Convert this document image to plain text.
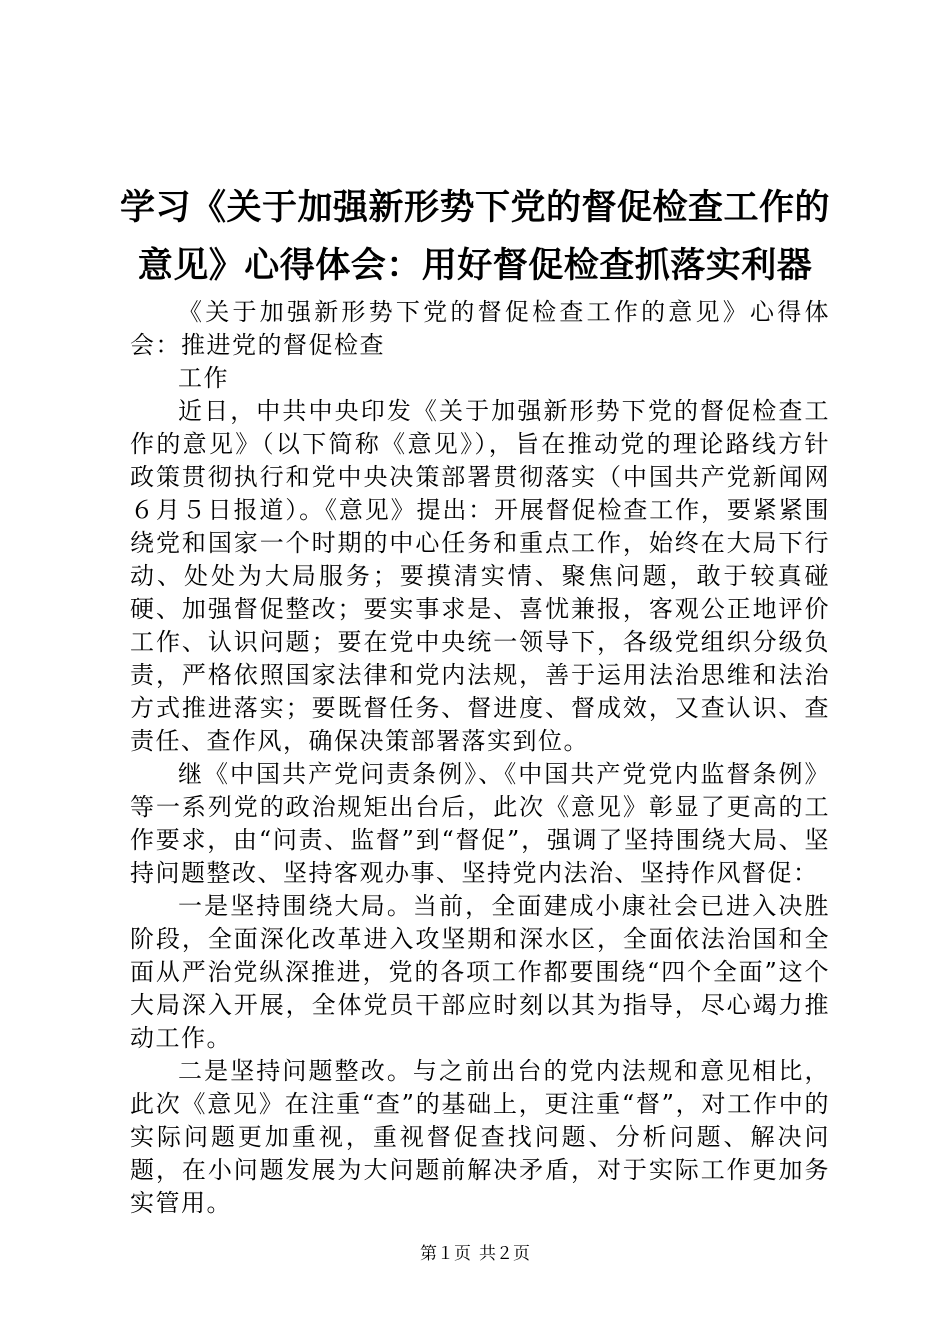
学习《关于加强新形势下党的督促检查工作的
意见》心得体会：用好督促检查抓落实利器

《关于加强新形势下党的督促检查工作的意见》心得体会：推进党的督促检查

工作

近日，中共中央印发《关于加强新形势下党的督促检查工作的意见》（以下简称《意见》），旨在推动党的理论路线方针政策贯彻执行和党中央决策部署贯彻落实（中国共产党新闻网６月５日报道）。《意见》提出：开展督促检查工作，要紧紧围绕党和国家一个时期的中心任务和重点工作，始终在大局下行动、处处为大局服务；要摸清实情、聚焦问题，敢于较真碰硬、加强督促整改；要实事求是、喜忧兼报，客观公正地评价工作、认识问题；要在党中央统一领导下，各级党组织分级负责，严格依照国家法律和党内法规，善于运用法治思维和法治方式推进落实；要既督任务、督进度、督成效，又查认识、查责任、查作风，确保决策部署落实到位。

继《中国共产党问责条例》、《中国共产党党内监督条例》等一系列党的政治规矩出台后，此次《意见》彰显了更高的工作要求，由“问责、监督”到“督促”，强调了坚持围绕大局、坚持问题整改、坚持客观办事、坚持党内法治、坚持作风督促：

一是坚持围绕大局。当前，全面建成小康社会已进入决胜阶段，全面深化改革进入攻坚期和深水区，全面依法治国和全面从严治党纵深推进，党的各项工作都要围绕“四个全面”这个大局深入开展，全体党员干部应时刻以其为指导，尽心竭力推动工作。

二是坚持问题整改。与之前出台的党内法规和意见相比，此次《意见》在注重“查”的基础上，更注重“督”，对工作中的实际问题更加重视，重视督促查找问题、分析问题、解决问题，在小问题发展为大问题前解决矛盾，对于实际工作更加务实管用。

第１页 共２页
